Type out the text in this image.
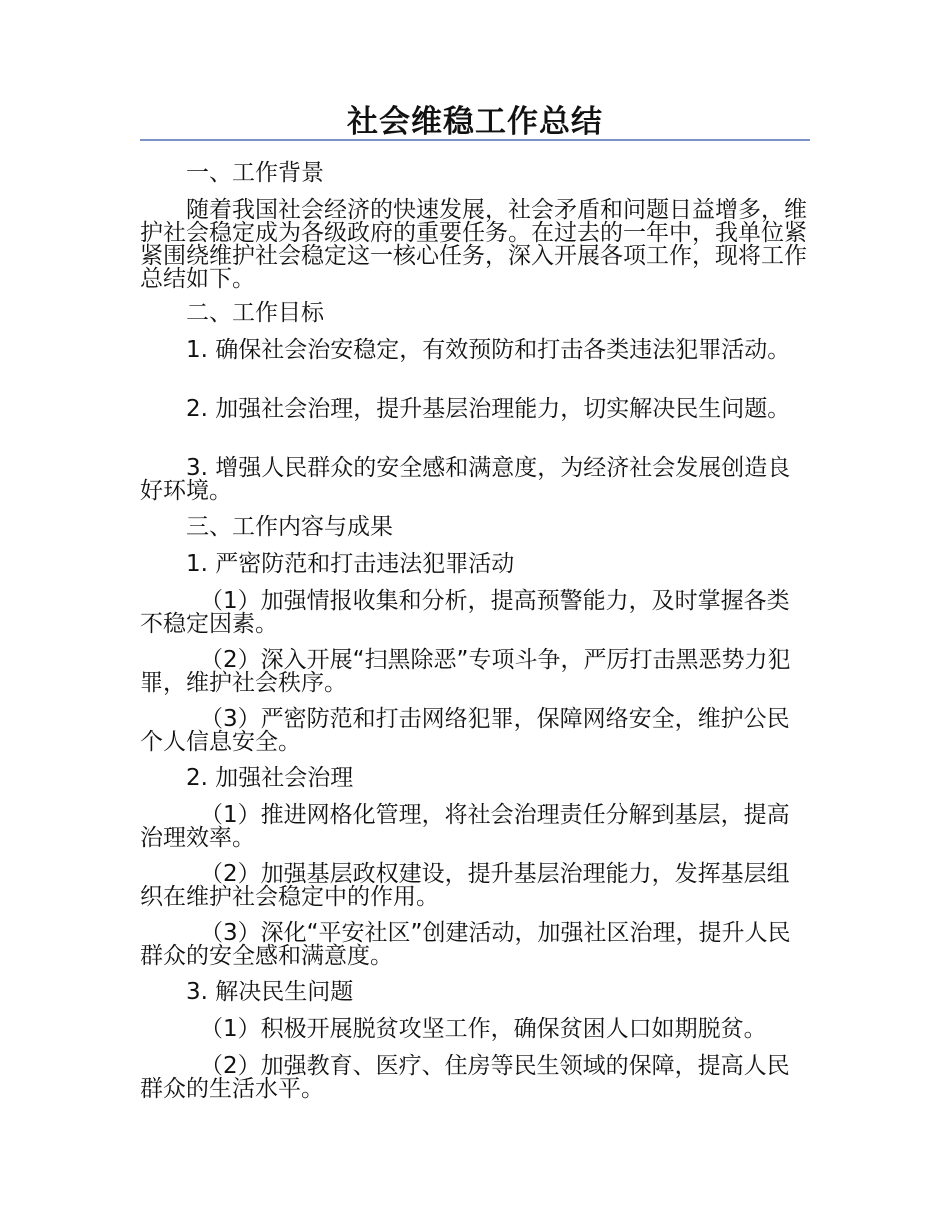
社会维稳工作总结

一、工作背景

随着我国社会经济的快速发展，社会矛盾和问题日益增多，维护社会稳定成为各级政府的重要任务。在过去的一年中，我单位紧紧围绕维护社会稳定这一核心任务，深入开展各项工作，现将工作总结如下。

二、工作目标

1. 确保社会治安稳定，有效预防和打击各类违法犯罪活动。

2. 加强社会治理，提升基层治理能力，切实解决民生问题。

3. 增强人民群众的安全感和满意度，为经济社会发展创造良好环境。

三、工作内容与成果

1. 严密防范和打击违法犯罪活动

（1）加强情报收集和分析，提高预警能力，及时掌握各类不稳定因素。

（2）深入开展“扫黑除恶”专项斗争，严厉打击黑恶势力犯罪，维护社会秩序。

（3）严密防范和打击网络犯罪，保障网络安全，维护公民个人信息安全。

2. 加强社会治理

（1）推进网格化管理，将社会治理责任分解到基层，提高治理效率。

（2）加强基层政权建设，提升基层治理能力，发挥基层组织在维护社会稳定中的作用。

（3）深化“平安社区”创建活动，加强社区治理，提升人民群众的安全感和满意度。

3. 解决民生问题

（1）积极开展脱贫攻坚工作，确保贫困人口如期脱贫。

（2）加强教育、医疗、住房等民生领域的保障，提高人民群众的生活水平。
